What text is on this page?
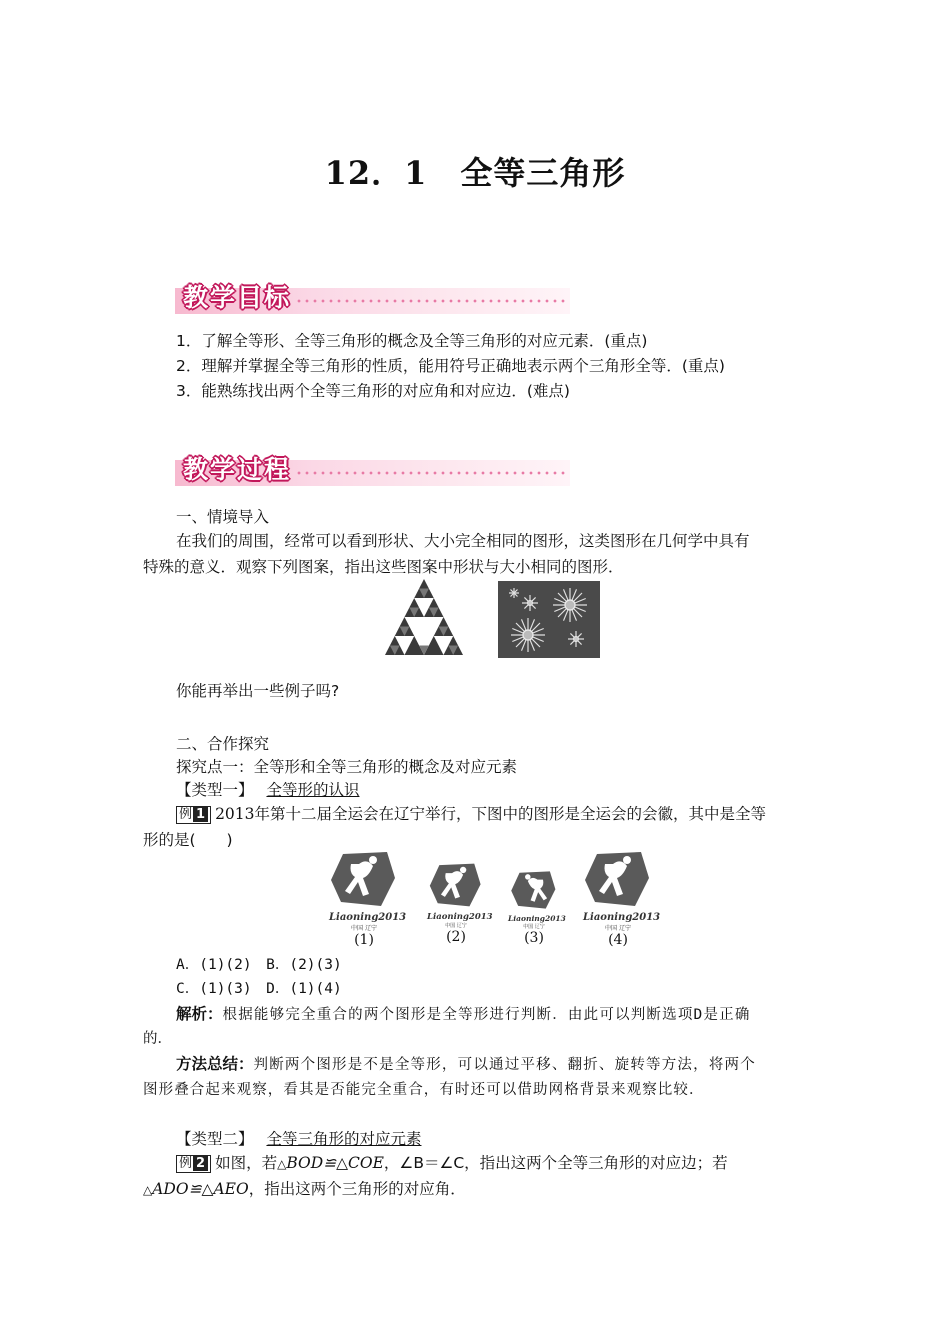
12．1　全等三角形
教学目标
1．了解全等形、全等三角形的概念及全等三角形的对应元素．(重点)
2．理解并掌握全等三角形的性质，能用符号正确地表示两个三角形全等．(重点)
3．能熟练找出两个全等三角形的对应角和对应边．(难点)
教学过程
一、情境导入
在我们的周围，经常可以看到形状、大小完全相同的图形，这类图形在几何学中具有
特殊的意义．观察下列图案，指出这些图案中形状与大小相同的图形．
你能再举出一些例子吗?
二、合作探究
探究点一：全等形和全等三角形的概念及对应元素
【类型一】 全等形的认识
例 1 2013年第十二届全运会在辽宁举行，下图中的图形是全运会的会徽，其中是全等
形的是(　　)
Liaoning2013
中国 辽宁
(1)
Liaoning2013
中国 辽宁
(2)
Liaoning2013
中国 辽宁
(3)
Liaoning2013
中国 辽宁
(4)
A．(1)(2)　B．(2)(3)
C．(1)(3)　D．(1)(4)
解析：根据能够完全重合的两个图形是全等形进行判断．由此可以判断选项D是正确
的．
方法总结：判断两个图形是不是全等形，可以通过平移、翻折、旋转等方法，将两个
图形叠合起来观察，看其是否能完全重合，有时还可以借助网格背景来观察比较．
【类型二】 全等三角形的对应元素
例 2 如图，若△BOD≌△COE，∠B＝∠C，指出这两个全等三角形的对应边；若
△ADO≌△AEO，指出这两个三角形的对应角．
